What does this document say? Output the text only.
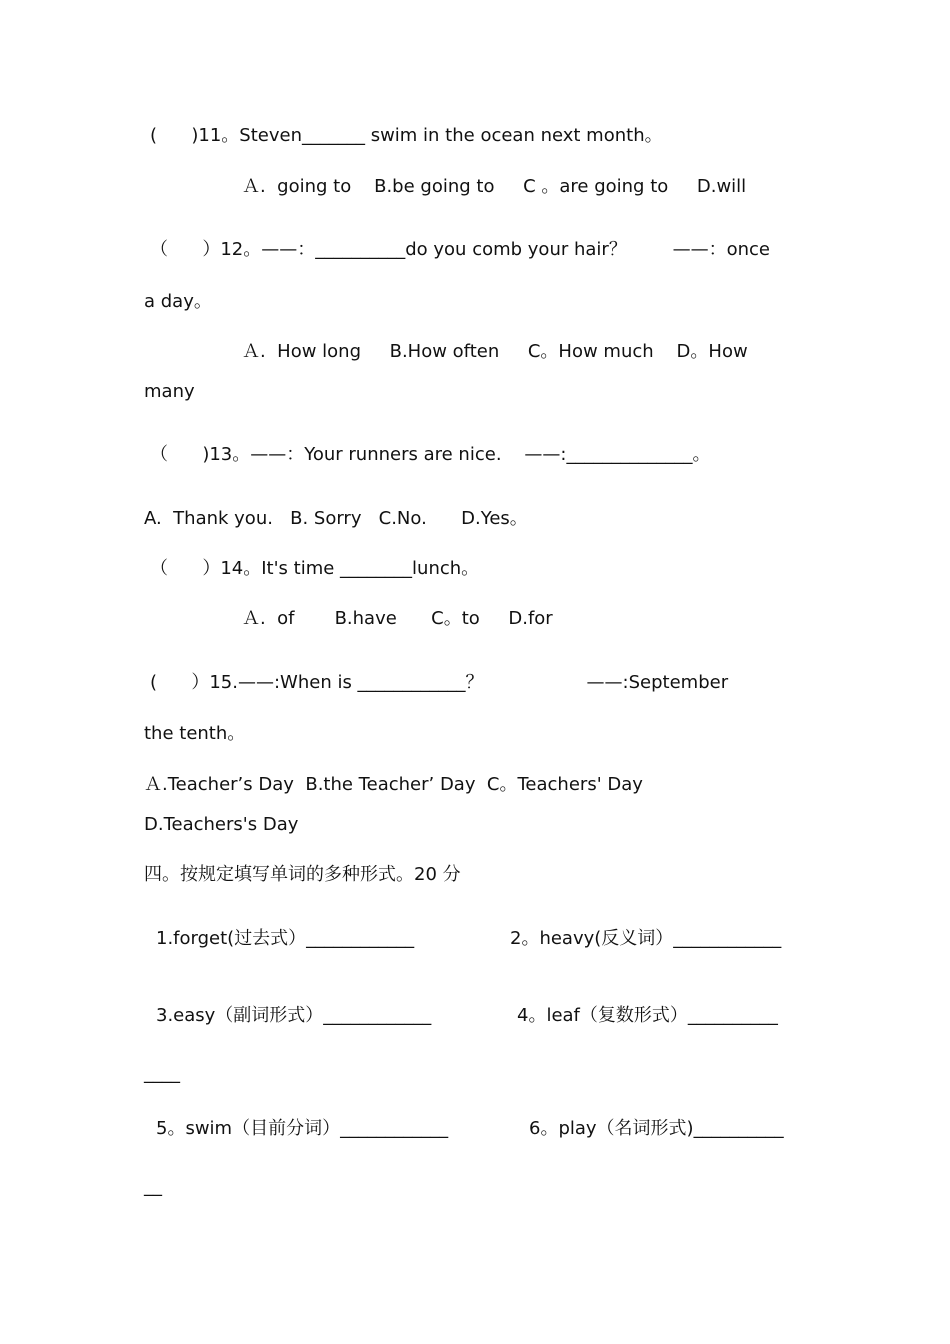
(      )11。Steven_______ swim in the ocean next month。
Ａ.  going to    B.be going to     C 。are going to     D.will
（      ）12。——：__________do you comb your hair？        ——：once
a day。
Ａ.  How long     B.How often     C。How much    D。How
many
（      )13。——：Your runners are nice.    ——:______________。
A.  Thank you.   B. Sorry   C.No.      D.Yes。
（      ）14。It's time ________lunch。
Ａ.  of       B.have      C。to     D.for
(      ）15.——:When is ____________？                  ——:September
the tenth。
Ａ.Teacher’s Day  B.the Teacher’ Day  C。Teachers' Day
D.Teachers's Day
四。按规定填写单词的多种形式。20 分
1.forget(过去式）____________	2。heavy(反义词）____________
3.easy（副词形式）____________	4。leaf（复数形式）__________
____
5。swim（目前分词）____________	6。play（名词形式)__________
__
